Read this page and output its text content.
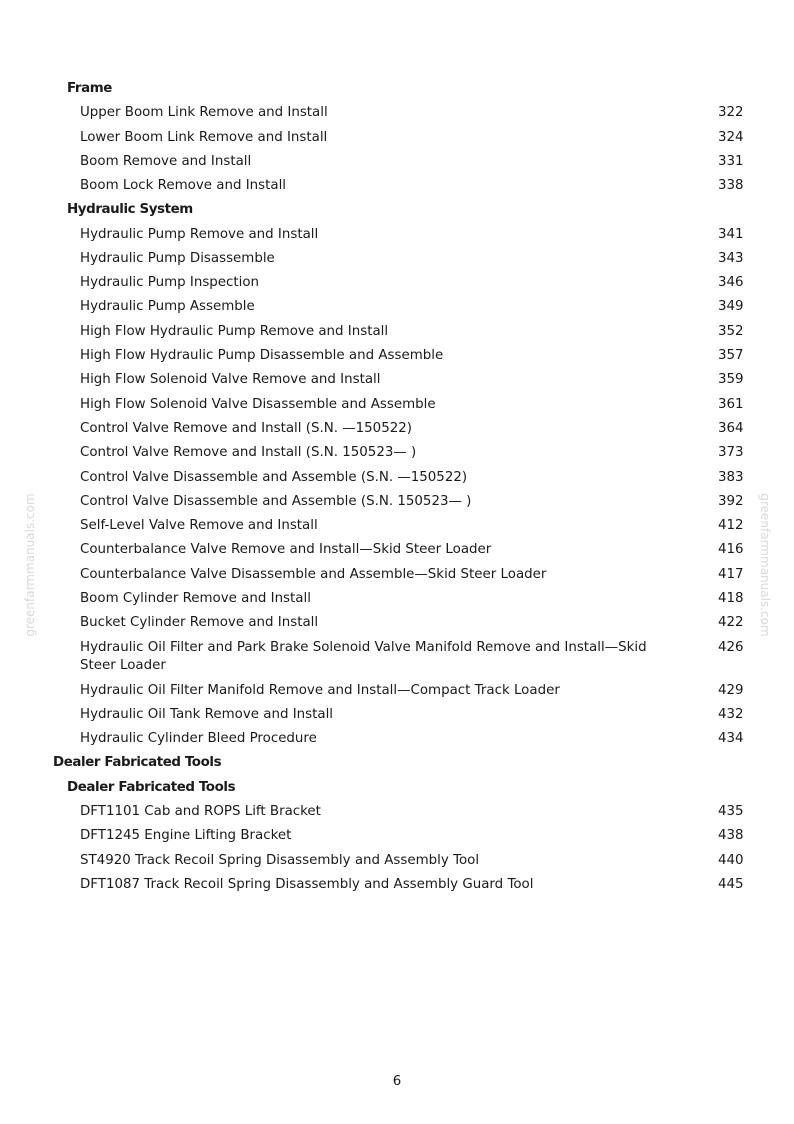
Frame
Upper Boom Link Remove and Install	322
Lower Boom Link Remove and Install	324
Boom Remove and Install	331
Boom Lock Remove and Install	338
Hydraulic System
Hydraulic Pump Remove and Install	341
Hydraulic Pump Disassemble	343
Hydraulic Pump Inspection	346
Hydraulic Pump Assemble	349
High Flow Hydraulic Pump Remove and Install	352
High Flow Hydraulic Pump Disassemble and Assemble	357
High Flow Solenoid Valve Remove and Install	359
High Flow Solenoid Valve Disassemble and Assemble	361
Control Valve Remove and Install (S.N. —150522)	364
Control Valve Remove and Install (S.N. 150523— )	373
Control Valve Disassemble and Assemble (S.N. —150522)	383
Control Valve Disassemble and Assemble (S.N. 150523— )	392
Self-Level Valve Remove and Install	412
Counterbalance Valve Remove and Install—Skid Steer Loader	416
Counterbalance Valve Disassemble and Assemble—Skid Steer Loader	417
Boom Cylinder Remove and Install	418
Bucket Cylinder Remove and Install	422
Hydraulic Oil Filter and Park Brake Solenoid Valve Manifold Remove and Install—Skid Steer Loader
426
Hydraulic Oil Filter Manifold Remove and Install—Compact Track Loader	429
Hydraulic Oil Tank Remove and Install	432
Hydraulic Cylinder Bleed Procedure	434
Dealer Fabricated Tools
Dealer Fabricated Tools
DFT1101 Cab and ROPS Lift Bracket	435
DFT1245 Engine Lifting Bracket	438
ST4920 Track Recoil Spring Disassembly and Assembly Tool	440
DFT1087 Track Recoil Spring Disassembly and Assembly Guard Tool	445
6
greenfarmmanuals.com	greenfarmmanuals.com
